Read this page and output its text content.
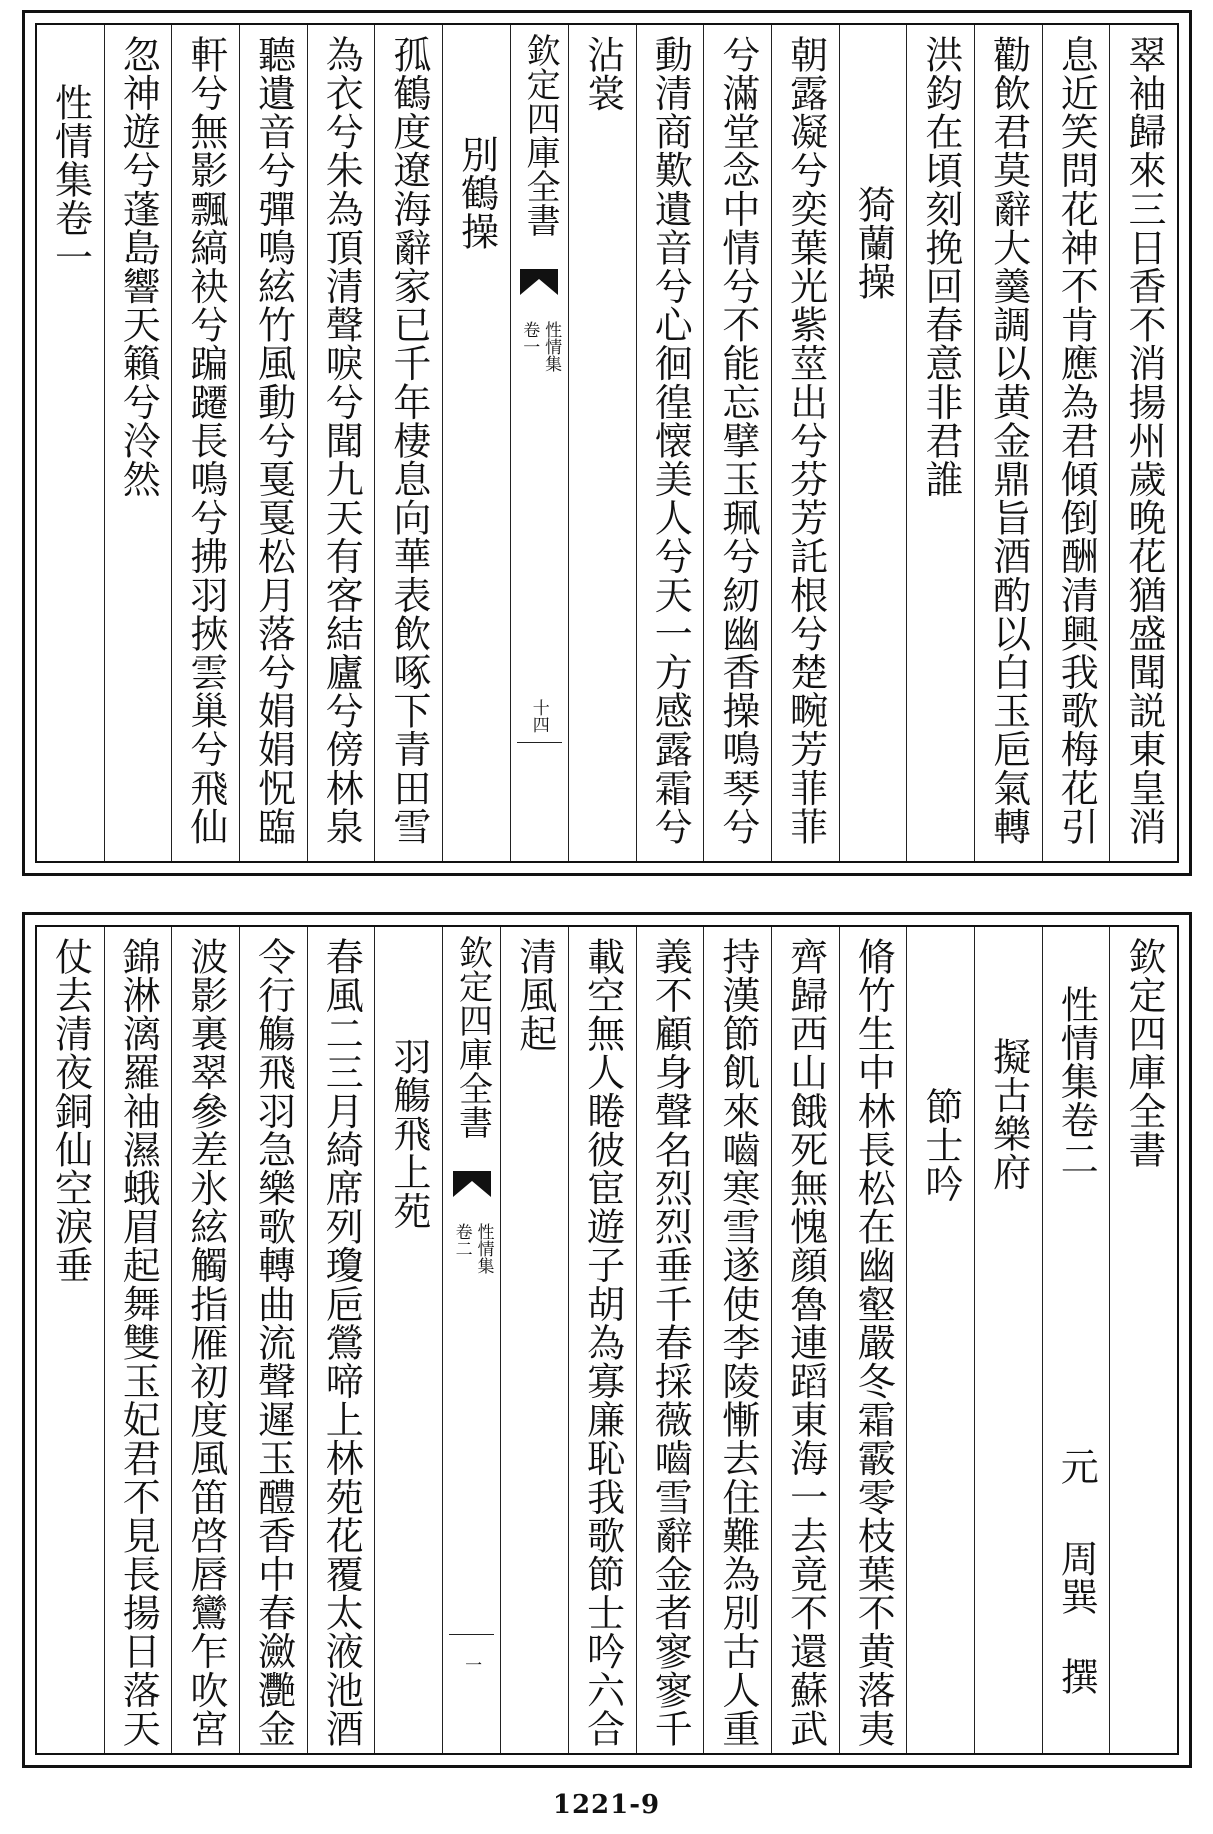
翠袖歸來三日香不消揚州歲晚花猶盛聞説東皇消
息近笑問花神不肯應為君傾倒酬清興我歌梅花引
勸飲君莫辭大羹調以黄金鼎旨酒酌以白玉巵氣轉
洪鈞在頃刻挽回春意非君誰
猗蘭操
朝露凝兮奕葉光紫莖出兮芬芳託根兮楚畹芳菲菲
兮滿堂念中情兮不能忘擘玉珮兮紉幽香操鳴琴兮
動清商歎遺音兮心徊徨懐美人兮天一方感露霜兮
沾裳
欽定四庫全書
性情集
卷一
十四
別鶴操
孤鶴度遼海辭家已千年棲息向華表飲啄下青田雪
為衣兮朱為頂清聲唳兮聞九天有客結廬兮傍林泉
聽遺音兮彈鳴絃竹風動兮戛戛松月落兮娟娟怳臨
軒兮無影飄縞袂兮蹁躚長鳴兮拂羽挾雲巢兮飛仙
忽神遊兮蓬島響天籟兮泠然
性情集卷一
欽定四庫全書
性情集卷二
元
周巽
撰
擬古樂府
節士吟
脩竹生中林長松在幽壑嚴冬霜霰零枝葉不黄落夷
齊歸西山餓死無愧顔魯連蹈東海一去竟不還蘇武
持漢節飢來嚙寒雪遂使李陵慚去住難為別古人重
義不顧身聲名烈烈垂千春採薇嚙雪辭金者寥寥千
載空無人睠彼宦遊子胡為寡廉恥我歌節士吟六合
清風起
欽定四庫全書
性情集
卷二
一
羽觴飛上苑
春風二三月綺席列瓊巵鶯啼上林苑花覆太液池酒
令行觴飛羽急樂歌轉曲流聲遲玉醴香中春瀲灧金
波影裏翠參差氷絃觸指雁初度風笛啓唇鸞乍吹宮
錦淋漓羅袖濕蛾眉起舞雙玉妃君不見長揚日落天
仗去清夜銅仙空淚垂
1221-9
